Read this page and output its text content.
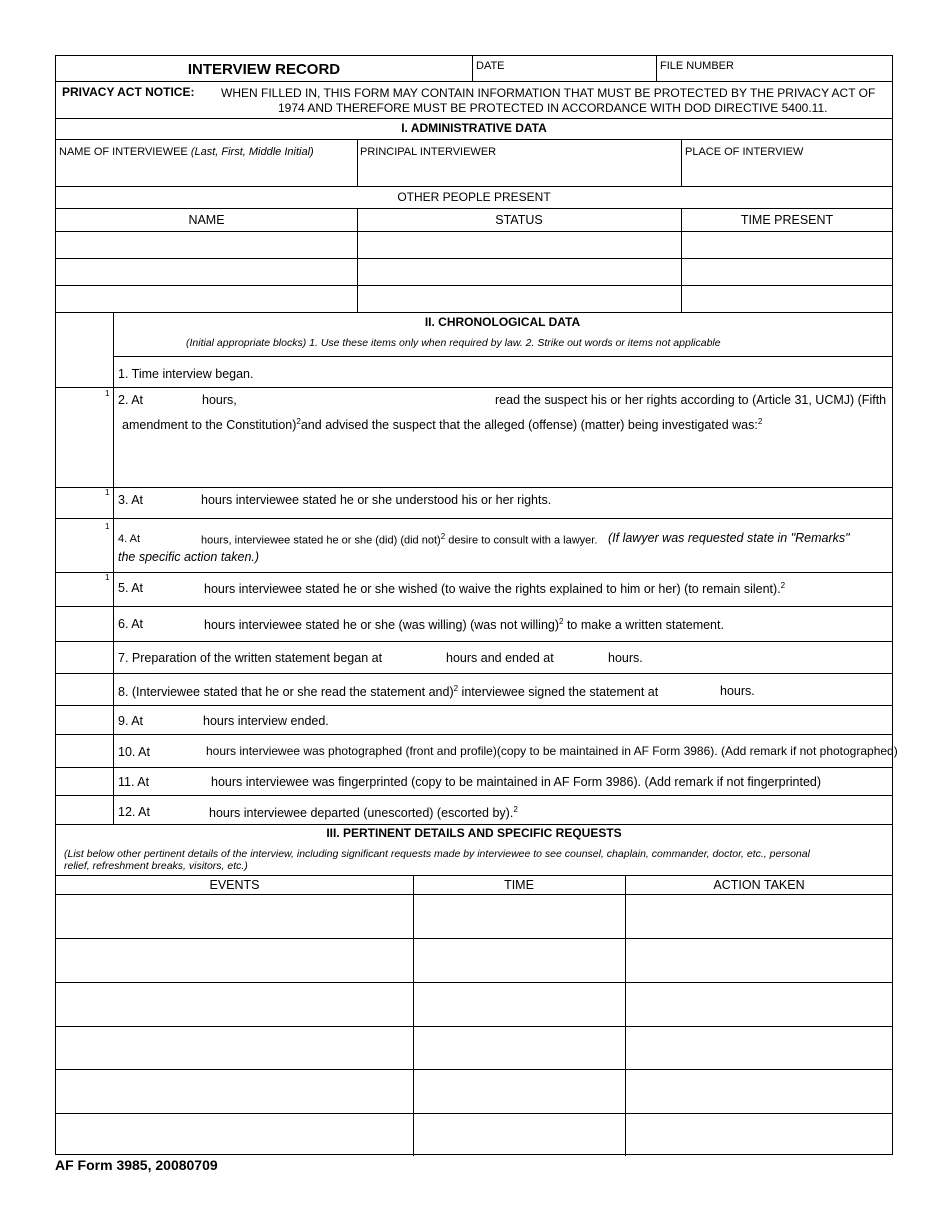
INTERVIEW RECORD	DATE	FILE NUMBER
PRIVACY ACT NOTICE: WHEN FILLED IN, THIS FORM MAY CONTAIN INFORMATION THAT MUST BE PROTECTED BY THE PRIVACY ACT OF
1974 AND THEREFORE MUST BE PROTECTED IN ACCORDANCE WITH DOD DIRECTIVE 5400.11.
I. ADMINISTRATIVE DATA
NAME OF INTERVIEWEE (Last, First, Middle Initial)	PRINCIPAL INTERVIEWER	PLACE OF INTERVIEW
OTHER PEOPLE PRESENT
NAME	STATUS	TIME PRESENT
II. CHRONOLOGICAL DATA
(Initial appropriate blocks) 1. Use these items only when required by law. 2. Strike out words or items not applicable
1. Time interview began.
1 2. At	hours,	read the suspect his or her rights according to (Article 31, UCMJ) (Fifth
amendment to the Constitution)$^2$and advised the suspect that the alleged (offense) (matter) being investigated was:$^2$
1
3. At	hours interviewee stated he or she understood his or her rights.
1
4. At	hours, interviewee stated he or she (did) (did not)$^2$ desire to consult with a lawyer. (If lawyer was requested state in "Remarks"
the specific action taken.)
1
5. At	hours interviewee stated he or she wished (to waive the rights explained to him or her) (to remain silent).$^2$
6. At	hours interviewee stated he or she (was willing) (was not willing)$^2$ to make a written statement.
7. Preparation of the written statement began at	hours and ended at	hours.
8. (Interviewee stated that he or she read the statement and)$^2$ interviewee signed the statement at	hours.
9. At	hours interview ended.
10. At	hours interviewee was photographed (front and profile)(copy to be maintained in AF Form 3986). (Add remark if not photographed)
11. At	hours interviewee was fingerprinted (copy to be maintained in AF Form 3986). (Add remark if not fingerprinted)
12. At	hours interviewee departed (unescorted) (escorted by).$^2$
III. PERTINENT DETAILS AND SPECIFIC REQUESTS
(List below other pertinent details of the interview, including significant requests made by interviewee to see counsel, chaplain, commander, doctor, etc., personal
relief, refreshment breaks, visitors, etc.)
EVENTS	TIME	ACTION TAKEN
AF Form 3985, 20080709
